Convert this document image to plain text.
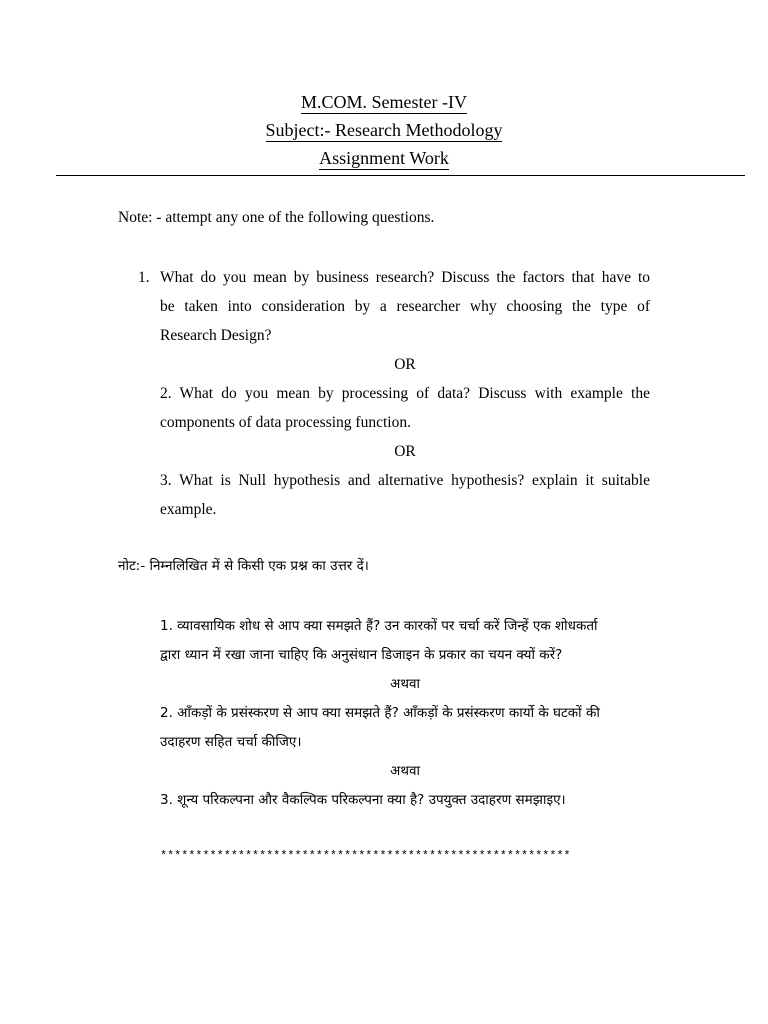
M.COM. Semester -IV
Subject:- Research Methodology
Assignment Work
Note: - attempt any one of the following questions.
1. What do you mean by business research? Discuss the factors that have to
be taken into consideration by a researcher why choosing the type of
Research Design?
OR
2. What do you mean by processing of data? Discuss with example the
components of data processing function.
OR
3. What is Null hypothesis and alternative hypothesis? explain it suitable
example.
नोट:- निम्नलिखित में से किसी एक प्रश्न का उत्तर दें।
1. व्यावसायिक शोध से आप क्या समझते हैं? उन कारकों पर चर्चा करें जिन्हें एक शोधकर्ता
द्वारा ध्यान में रखा जाना चाहिए कि अनुसंधान डिजाइन के प्रकार का चयन क्यों करें?
अथवा
2. आँकड़ों के प्रसंस्करण से आप क्या समझते हैं? आँकड़ों के प्रसंस्करण कार्यो के घटकों की
उदाहरण सहित चर्चा कीजिए।
अथवा
3. शून्य परिकल्पना और वैकल्पिक परिकल्पना क्या है? उपयुक्त उदाहरण समझाइए।
**********************************************************
